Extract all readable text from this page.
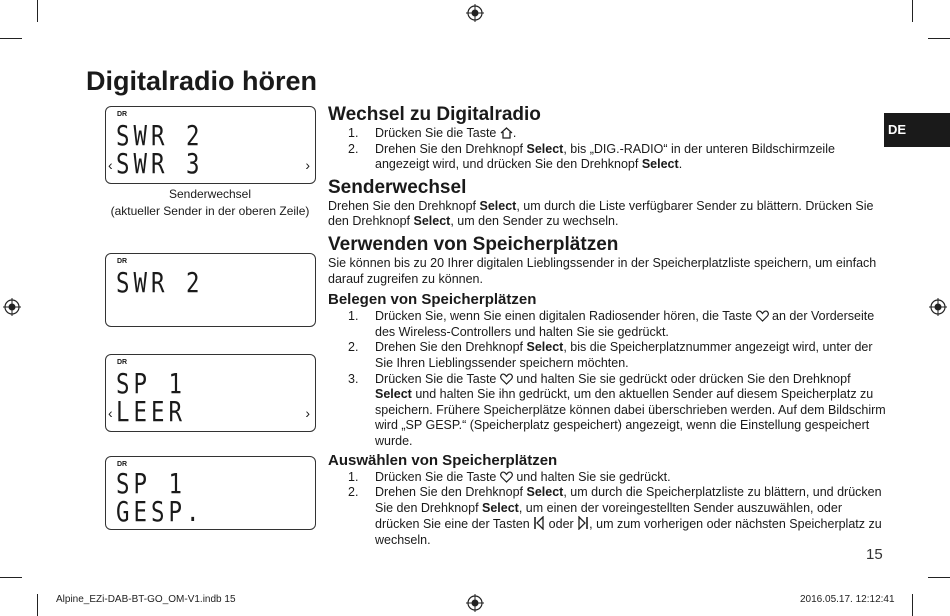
Digitalradio hören
DE
DR
SWR 2
SWR 3
‹	›
Senderwechsel
(aktueller Sender in der oberen Zeile)
DR
SWR 2
DR
SP 1
LEER
‹	›
DR
SP 1
GESP.
Wechsel zu Digitalradio
1. Drücken Sie die Taste .
2. Drehen Sie den Drehknopf Select, bis „DIG.-RADIO“ in der unteren Bildschirmzeile angezeigt wird, und drücken Sie den Drehknopf Select.
Senderwechsel

Drehen Sie den Drehknopf Select, um durch die Liste verfügbarer Sender zu blättern. Drücken Sie den Drehknopf Select, um den Sender zu wechseln.

Verwenden von Speicherplätzen

Sie können bis zu 20 Ihrer digitalen Lieblingssender in der Speicherplatzliste speichern, um einfach darauf zugreifen zu können.

Belegen von Speicherplätzen
1. Drücken Sie, wenn Sie einen digitalen Radiosender hören, die Taste  an der Vorderseite des Wireless-Controllers und halten Sie sie gedrückt.
2. Drehen Sie den Drehknopf Select, bis die Speicherplatznummer angezeigt wird, unter der Sie Ihren Lieblingssender speichern möchten.
3. Drücken Sie die Taste  und halten Sie sie gedrückt oder drücken Sie den Drehknopf Select und halten Sie ihn gedrückt, um den aktuellen Sender auf diesem Speicherplatz zu speichern. Frühere Speicherplätze können dabei überschrieben werden. Auf dem Bildschirm wird „SP GESP.“ (Speicherplatz gespeichert) angezeigt, wenn die Einstellung gespeichert wurde.
Auswählen von Speicherplätzen
1. Drücken Sie die Taste  und halten Sie sie gedrückt.
2. Drehen Sie den Drehknopf Select, um durch die Speicherplatzliste zu blättern, und drücken Sie den Drehknopf Select, um einen der voreingestellten Sender auszuwählen, oder drücken Sie eine der Tasten  oder , um zum vorherigen oder nächsten Speicherplatz zu wechseln.
15
Alpine_EZi-DAB-BT-GO_OM-V1.indb 15	2016.05.17. 12:12:41
